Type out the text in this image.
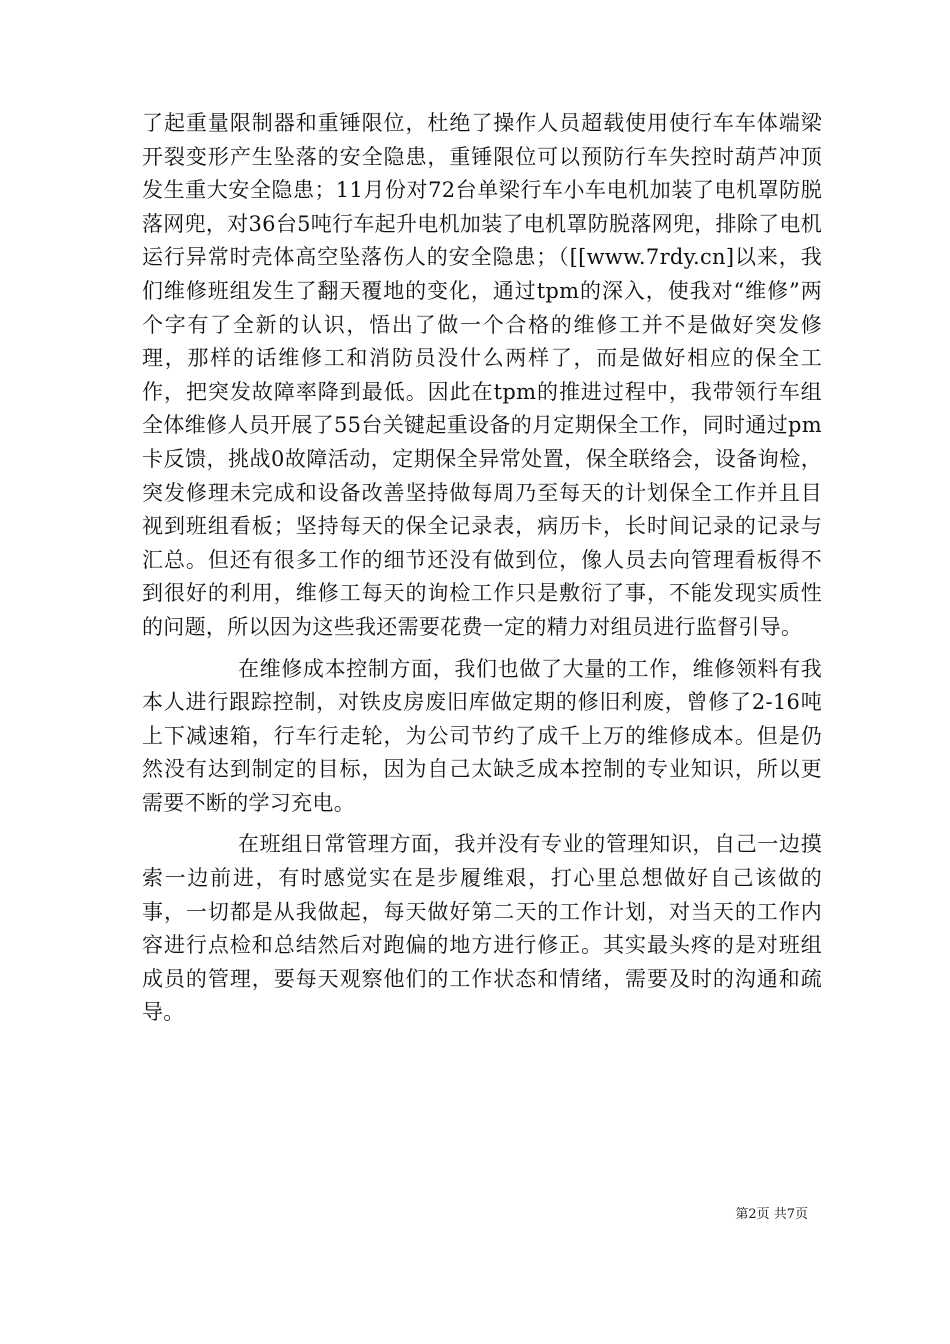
了起重量限制器和重锤限位，杜绝了操作人员超载使用使行车车体端梁开裂变形产生坠落的安全隐患，重锤限位可以预防行车失控时葫芦冲顶发生重大安全隐患；11月份对72台单梁行车小车电机加装了电机罩防脱落网兜，对36台5吨行车起升电机加装了电机罩防脱落网兜，排除了电机运行异常时壳体高空坠落伤人的安全隐患；（[[www.7rdy.cn]以来，我们维修班组发生了翻天覆地的变化，通过tpm的深入，使我对“维修”两个字有了全新的认识，悟出了做一个合格的维修工并不是做好突发修理，那样的话维修工和消防员没什么两样了，而是做好相应的保全工作，把突发故障率降到最低。因此在tpm的推进过程中，我带领行车组全体维修人员开展了55台关键起重设备的月定期保全工作，同时通过pm卡反馈，挑战0故障活动，定期保全异常处置，保全联络会，设备询检，突发修理未完成和设备改善坚持做每周乃至每天的计划保全工作并且目视到班组看板；坚持每天的保全记录表，病历卡，长时间记录的记录与汇总。但还有很多工作的细节还没有做到位，像人员去向管理看板得不到很好的利用，维修工每天的询检工作只是敷衍了事，不能发现实质性的问题，所以因为这些我还需要花费一定的精力对组员进行监督引导。

在维修成本控制方面，我们也做了大量的工作，维修领料有我本人进行跟踪控制，对铁皮房废旧库做定期的修旧利废，曾修了2-16吨上下减速箱，行车行走轮，为公司节约了成千上万的维修成本。但是仍然没有达到制定的目标，因为自己太缺乏成本控制的专业知识，所以更需要不断的学习充电。

在班组日常管理方面，我并没有专业的管理知识，自己一边摸索一边前进，有时感觉实在是步履维艰，打心里总想做好自己该做的事，一切都是从我做起，每天做好第二天的工作计划，对当天的工作内容进行点检和总结然后对跑偏的地方进行修正。其实最头疼的是对班组成员的管理，要每天观察他们的工作状态和情绪，需要及时的沟通和疏导。

第2页 共7页
